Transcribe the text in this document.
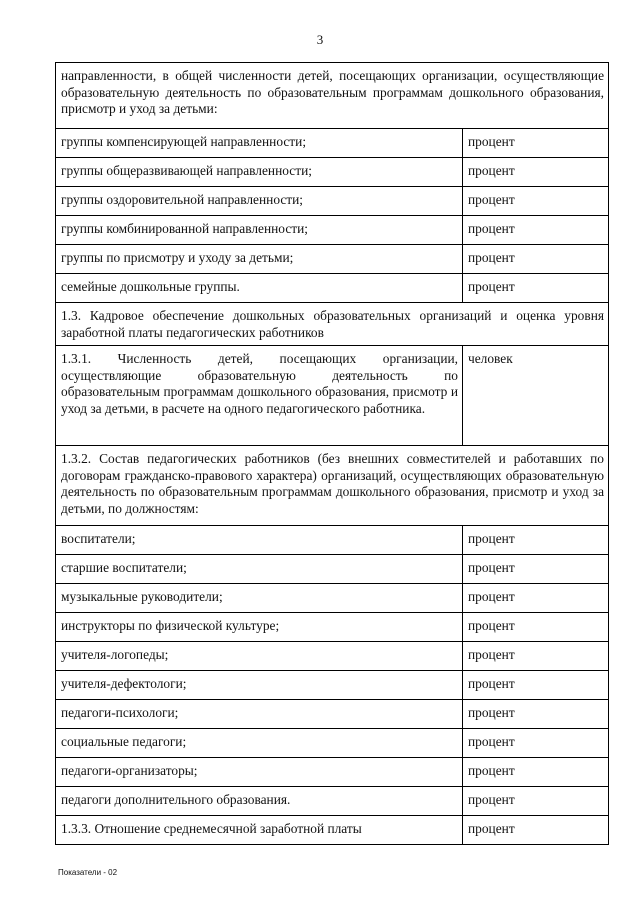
3
направленности, в общей численности детей, посещающих организации, осуществляющие образовательную деятельность по образовательным программам дошкольного образования, присмотр и уход за детьми:	
группы компенсирующей направленности;	процент
группы общеразвивающей направленности;	процент
группы оздоровительной направленности;	процент
группы комбинированной направленности;	процент
группы по присмотру и уходу за детьми;	процент
семейные дошкольные группы.	процент
1.3. Кадровое обеспечение дошкольных образовательных организаций и оценка уровня заработной платы педагогических работников	
1.3.1. Численность детей, посещающих организации, осуществляющие образовательную деятельность по образовательным программам дошкольного образования, присмотр и уход за детьми, в расчете на одного педагогического работника.	человек
1.3.2. Состав педагогических работников (без внешних совместителей и работавших по договорам гражданско-правового характера) организаций, осуществляющих образовательную деятельность по образовательным программам дошкольного образования, присмотр и уход за детьми, по должностям:	
воспитатели;	процент
старшие воспитатели;	процент
музыкальные руководители;	процент
инструкторы по физической культуре;	процент
учителя-логопеды;	процент
учителя-дефектологи;	процент
педагоги-психологи;	процент
социальные педагоги;	процент
педагоги-организаторы;	процент
педагоги дополнительного образования.	процент
1.3.3. Отношение среднемесячной заработной платы	процент
Показатели - 02
